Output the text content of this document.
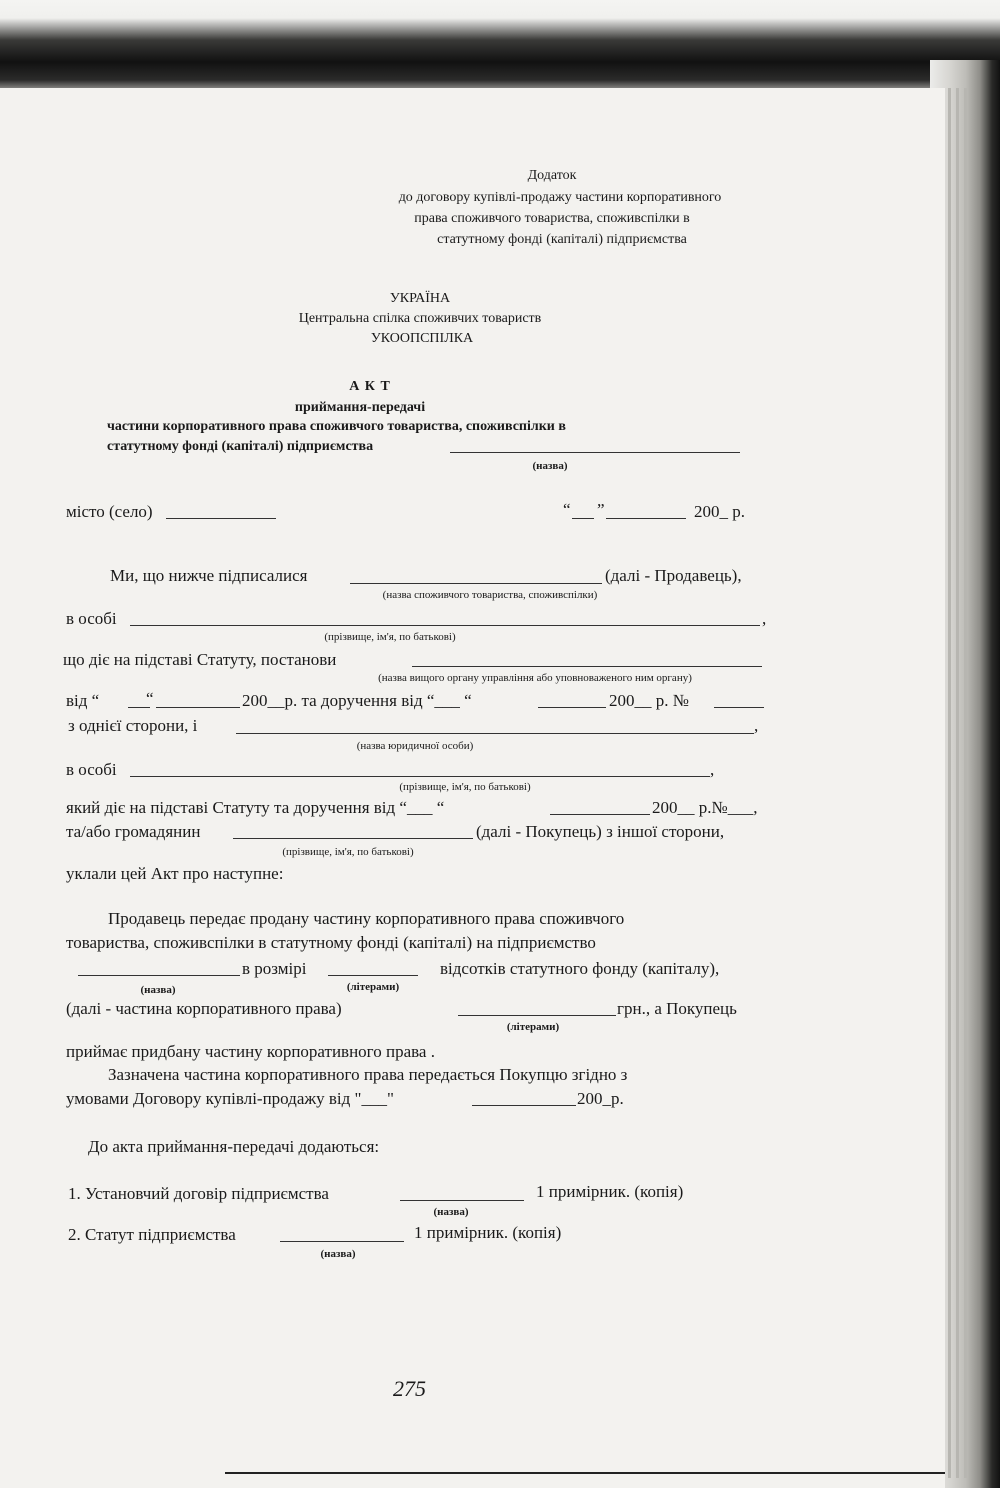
Додаток
до договору купівлі-продажу частини корпоративного
права споживчого товариства, споживспілки в
статутному фонді (капіталі) підприємства
УКРАЇНА
Центральна спілка споживчих товариств
УКООПСПІЛКА
А К Т
приймання-передачі
частини корпоративного права споживчого товариства, споживспілки в
статутному фонді (капіталі) підприємства
(назва)
місто (село)	“ ”	200_ р.
Ми, що нижче підписалися	(далі - Продавець),
(назва споживчого товариства, споживспілки)
в особі	,
(прізвище, ім'я, по батькові)
що діє на підставі Статуту, постанови
(назва вищого органу управління або уповноваженого ним органу)
від “	“	200__р. та доручення від “___ “	200__ р. №
з однієї сторони, і	,
(назва юридичної особи)
в особі	,
(прізвище, ім'я, по батькові)
який діє на підставі Статуту та доручення від “___ “	200__ р.№___,
та/або громадянин	(далі - Покупець) з іншої сторони,
(прізвище, ім'я, по батькові)
уклали цей Акт про наступне:
Продавець передає продану частину корпоративного права споживчого
товариства, споживспілки в статутному фонді (капіталі) на підприємство
в розмірі	відсотків статутного фонду (капіталу),
(назва)	(літерами)
(далі - частина корпоративного права)	грн., а Покупець
(літерами)
приймає придбану частину корпоративного права .
Зазначена частина корпоративного права передається Покупцю згідно з
умовами Договору купівлі-продажу від "___"	200_р.
До акта приймання-передачі додаються:
1. Установчий договір підприємства	1 примірник. (копія)
(назва)
2. Статут підприємства	1 примірник. (копія)
(назва)
275
